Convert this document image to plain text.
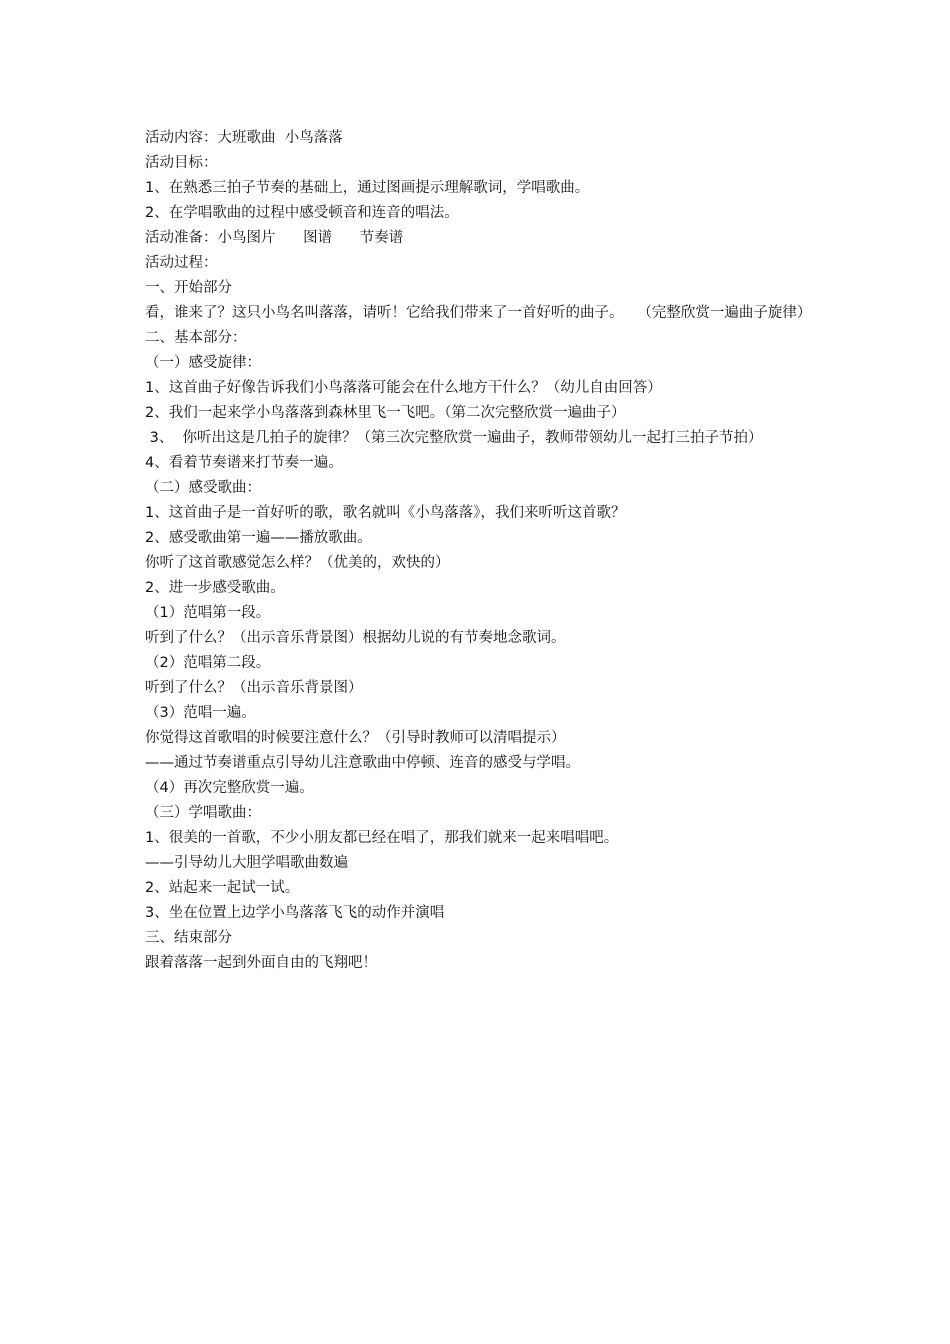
活动内容：大班歌曲  小鸟落落

活动目标：

1、在熟悉三拍子节奏的基础上，通过图画提示理解歌词，学唱歌曲。

2、在学唱歌曲的过程中感受顿音和连音的唱法。

活动准备：小鸟图片      图谱      节奏谱

活动过程：

一、开始部分

看，谁来了？这只小鸟名叫落落，请听！它给我们带来了一首好听的曲子。   （完整欣赏一遍曲子旋律）

二、基本部分：

（一）感受旋律：

1、这首曲子好像告诉我们小鸟落落可能会在什么地方干什么？（幼儿自由回答）

2、我们一起来学小鸟落落到森林里飞一飞吧。（第二次完整欣赏一遍曲子）

3、  你听出这是几拍子的旋律？（第三次完整欣赏一遍曲子，教师带领幼儿一起打三拍子节拍）

4、看着节奏谱来打节奏一遍。

（二）感受歌曲：

1、这首曲子是一首好听的歌，歌名就叫《小鸟落落》，我们来听听这首歌？

2、感受歌曲第一遍——播放歌曲。

你听了这首歌感觉怎么样？（优美的，欢快的）

2、进一步感受歌曲。

（1）范唱第一段。

听到了什么？（出示音乐背景图）根据幼儿说的有节奏地念歌词。

（2）范唱第二段。

听到了什么？（出示音乐背景图）

（3）范唱一遍。

你觉得这首歌唱的时候要注意什么？（引导时教师可以清唱提示）

——通过节奏谱重点引导幼儿注意歌曲中停顿、连音的感受与学唱。

（4）再次完整欣赏一遍。

（三）学唱歌曲：

1、很美的一首歌，不少小朋友都已经在唱了，那我们就来一起来唱唱吧。

——引导幼儿大胆学唱歌曲数遍

2、站起来一起试一试。

3、坐在位置上边学小鸟落落飞飞的动作并演唱

三、结束部分

跟着落落一起到外面自由的飞翔吧！
